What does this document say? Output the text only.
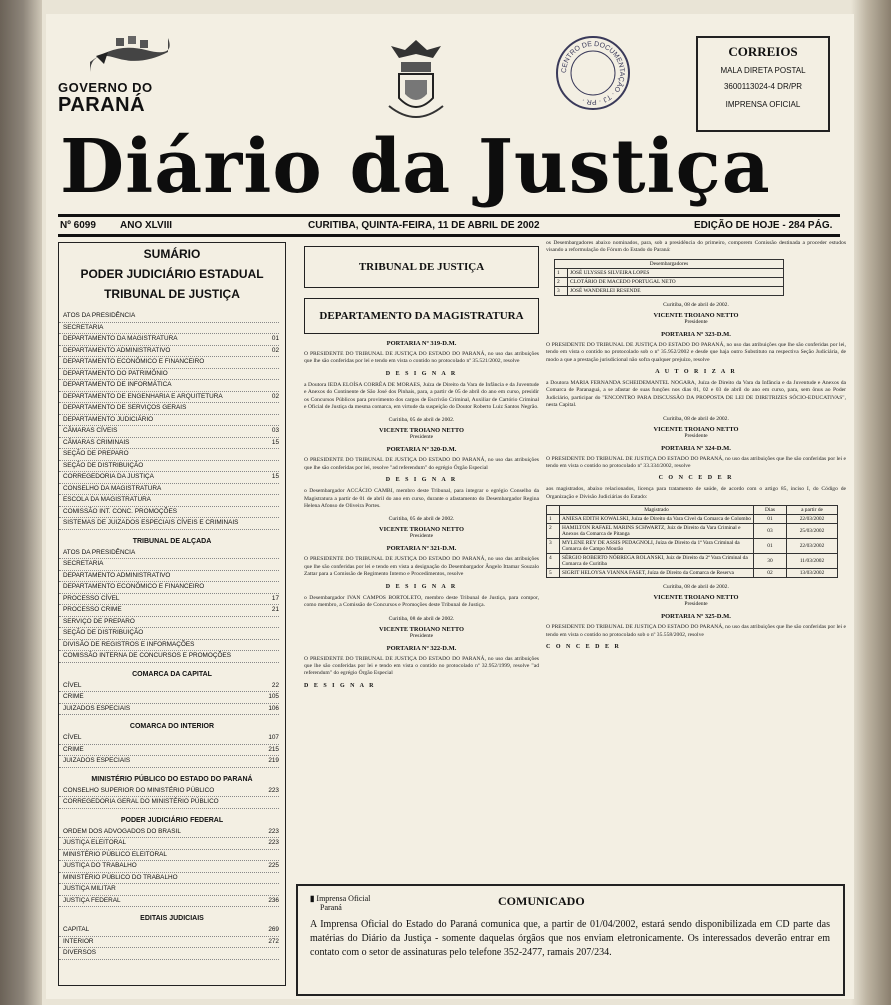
GOVERNO DO
PARANÁ
CENTRO DE DOCUMENTAÇÃO · TJ · PR ·
CORREIOS
MALA DIRETA POSTAL
3600113024-4 DR/PR
IMPRENSA OFICIAL
Diário da Justiça
Nº 6099 ANO XLVIII	CURITIBA, QUINTA-FEIRA, 11 DE ABRIL DE 2002	EDIÇÃO DE HOJE - 284 PÁG.
SUMÁRIO
PODER JUDICIÁRIO ESTADUAL
TRIBUNAL DE JUSTIÇA
ATOS DA PRESIDÊNCIA
SECRETARIA
DEPARTAMENTO DA MAGISTRATURA	01
DEPARTAMENTO ADMINISTRATIVO	02
DEPARTAMENTO ECONÔMICO E FINANCEIRO
DEPARTAMENTO DO PATRIMÔNIO
DEPARTAMENTO DE INFORMÁTICA
DEPARTAMENTO DE ENGENHARIA E ARQUITETURA	02
DEPARTAMENTO DE SERVIÇOS GERAIS
DEPARTAMENTO JUDICIÁRIO
CÂMARAS CÍVEIS	03
CÂMARAS CRIMINAIS	15
SEÇÃO DE PREPARO
SEÇÃO DE DISTRIBUIÇÃO
CORREGEDORIA DA JUSTIÇA	15
CONSELHO DA MAGISTRATURA
ESCOLA DA MAGISTRATURA
COMISSÃO INT. CONC. PROMOÇÕES
SISTEMAS DE JUIZADOS ESPECIAIS CÍVEIS E CRIMINAIS
TRIBUNAL DE ALÇADA
ATOS DA PRESIDÊNCIA
SECRETARIA
DEPARTAMENTO ADMINISTRATIVO
DEPARTAMENTO ECONÔMICO E FINANCEIRO
PROCESSO CÍVEL	17
PROCESSO CRIME	21
SERVIÇO DE PREPARO
SEÇÃO DE DISTRIBUIÇÃO
DIVISÃO DE REGISTROS E INFORMAÇÕES
COMISSÃO INTERNA DE CONCURSOS E PROMOÇÕES
COMARCA DA CAPITAL
CÍVEL	22
CRIME	105
JUIZADOS ESPECIAIS	106
COMARCA DO INTERIOR
CÍVEL	107
CRIME	215
JUIZADOS ESPECIAIS	219
MINISTÉRIO PÚBLICO DO ESTADO DO PARANÁ
CONSELHO SUPERIOR DO MINISTÉRIO PÚBLICO	223
CORREGEDORIA GERAL DO MINISTÉRIO PÚBLICO
PODER JUDICIÁRIO FEDERAL
ORDEM DOS ADVOGADOS DO BRASIL	223
JUSTIÇA ELEITORAL	223
MINISTÉRIO PÚBLICO ELEITORAL
JUSTIÇA DO TRABALHO	225
MINISTÉRIO PÚBLICO DO TRABALHO
JUSTIÇA MILITAR
JUSTIÇA FEDERAL	236
EDITAIS JUDICIAIS
CAPITAL	269
INTERIOR	272
DIVERSOS
TRIBUNAL DE JUSTIÇA
DEPARTAMENTO DA MAGISTRATURA
PORTARIA Nº 319-D.M.
O PRESIDENTE DO TRIBUNAL DE JUSTIÇA DO ESTADO DO PARANÁ, no uso das atribuições que lhe são conferidas por lei e tendo em vista o contido no protocolado nº 35.521/2002, resolve
D E S I G N A R
a Doutora IEDA ELOÍSA CORRÊA DE MORAES, Juíza de Direito da Vara de Infância e da Juventude e Anexos do Continente de São José dos Pinhais, para, a partir de 05 de abril do ano em curso, presidir os Concursos Públicos para provimento dos cargos de Escrivão Criminal, Auxiliar de Cartório Criminal e Oficial de Justiça da mesma comarca, em virtude da suspeição do Doutor Roberto Luiz Santos Negrão.
Curitiba, 05 de abril de 2002.
VICENTE TROIANO NETTO
Presidente
PORTARIA Nº 320-D.M.
O PRESIDENTE DO TRIBUNAL DE JUSTIÇA DO ESTADO DO PARANÁ, no uso das atribuições que lhe são conferidas por lei, resolve "ad referendum" do egrégio Órgão Especial
D E S I G N A R
o Desembargador ACCÁCIO CAMBI, membro deste Tribunal, para integrar o egrégio Conselho da Magistratura a partir de 01 de abril do ano em curso, durante o afastamento do Desembargador Regina Helena Afonso de Oliveira Portes.
Curitiba, 05 de abril de 2002.
VICENTE TROIANO NETTO
Presidente
PORTARIA Nº 321-D.M.
O PRESIDENTE DO TRIBUNAL DE JUSTIÇA DO ESTADO DO PARANÁ, no uso das atribuições que lhe são conferidas por lei e tendo em vista a designação do Desembargador Ângelo Ittamar Souzalo Zattar para a Comissão de Regimento Interno e Procedimentos, resolve
D E S I G N A R
o Desembargador IVAN CAMPOS BORTOLETO, membro deste Tribunal de Justiça, para compor, como membro, a Comissão de Concursos e Promoções deste Tribunal de Justiça.
Curitiba, 08 de abril de 2002.
VICENTE TROIANO NETTO
Presidente
PORTARIA Nº 322-D.M.
O PRESIDENTE DO TRIBUNAL DE JUSTIÇA DO ESTADO DO PARANÁ, no uso das atribuições que lhe são conferidas por lei e tendo em vista o contido no protocolado nº 32.952/1999, resolve "ad referendum" do egrégio Órgão Especial
D E S I G N A R
os Desembargadores abaixo nominados, para, sob a presidência do primeiro, comporem Comissão destinada a proceder estudos visando a reformulação do Fórum do Estado do Paraná:
Desembargadores	
1	JOSÉ ULYSSES SILVEIRA LOPES
2	CLOTÁRIO DE MACEDO PORTUGAL NETO
3	JOSÉ WANDERLEI RESENDE
Curitiba, 08 de abril de 2002.
VICENTE TROIANO NETTO
Presidente
PORTARIA Nº 323-D.M.
O PRESIDENTE DO TRIBUNAL DE JUSTIÇA DO ESTADO DO PARANÁ, no uso das atribuições que lhe são conferidas por lei, tendo em vista o contido no protocolado sob o nº 35.952/2002 e desde que haja outro Substituto na respectiva Seção Judiciária, de modo a que a prestação jurisdicional não sofra qualquer prejuízo, resolve
A U T O R I Z A R
a Doutora MARIA FERNANDA SCHEIDEMANTEL NOGARA, Juíza de Direito da Vara da Infância e da Juventude e Anexos da Comarca de Paranaguá, a se afastar de suas funções nos dias 01, 02 e 03 de abril do ano em curso, para, sem ônus ao Poder Judiciário, participar do "ENCONTRO PARA DISCUSSÃO DA PROPOSTA DE LEI DE DIRETRIZES SÓCIO-EDUCATIVAS", nesta Capital.
Curitiba, 08 de abril de 2002.
VICENTE TROIANO NETTO
Presidente
PORTARIA Nº 324-D.M.
O PRESIDENTE DO TRIBUNAL DE JUSTIÇA DO ESTADO DO PARANÁ, no uso das atribuições que lhe são conferidas por lei e tendo em vista o contido no protocolado nº 33.334/2002, resolve
C O N C E D E R
aos magistrados, abaixo relacionados, licença para tratamento de saúde, de acordo com o artigo 85, inciso I, do Código de Organização e Divisão Judiciárias do Estado:
	Magistrado	Dias	a partir de
1	ANIESA EDITH KOWALSKI, Juíza de Direito da Vara Cível da Comarca de Colombo	01	22/03/2002
2	HAMILTON RAFAEL MARINS SCHWARTZ, Juiz de Direito da Vara Criminal e Anexos da Comarca de Pitanga	03	25/03/2002
3	MYLENE REY DE ASSIS PEDAGNOLI, Juíza de Direito da 1ª Vara Criminal da Comarca de Campo Mourão	01	22/03/2002
4	SÉRGIO ROBERTO NÓBREGA ROLANSKI, Juiz de Direito da 2ª Vara Criminal da Comarca de Curitiba	30	11/03/2002
5	SIGRIT HELOYSA VIANNA FASET, Juíza de Direito da Comarca de Reserva	02	13/03/2002
Curitiba, 08 de abril de 2002.
VICENTE TROIANO NETTO
Presidente
PORTARIA Nº 325-D.M.
O PRESIDENTE DO TRIBUNAL DE JUSTIÇA DO ESTADO DO PARANÁ, no uso das atribuições que lhe são conferidas por lei e tendo em vista o contido no protocolado sob o nº 35.558/2002, resolve
C O N C E D E R
▮ Imprensa Oficial
Paraná	COMUNICADO
A Imprensa Oficial do Estado do Paraná comunica que, a partir de 01/04/2002, estará sendo disponibilizada em CD parte das matérias do Diário da Justiça - somente daquelas órgãos que nos enviam eletronicamente. Os interessados deverão entrar em contato com o setor de assinaturas pelo telefone 352-2477, ramais 207/234.
